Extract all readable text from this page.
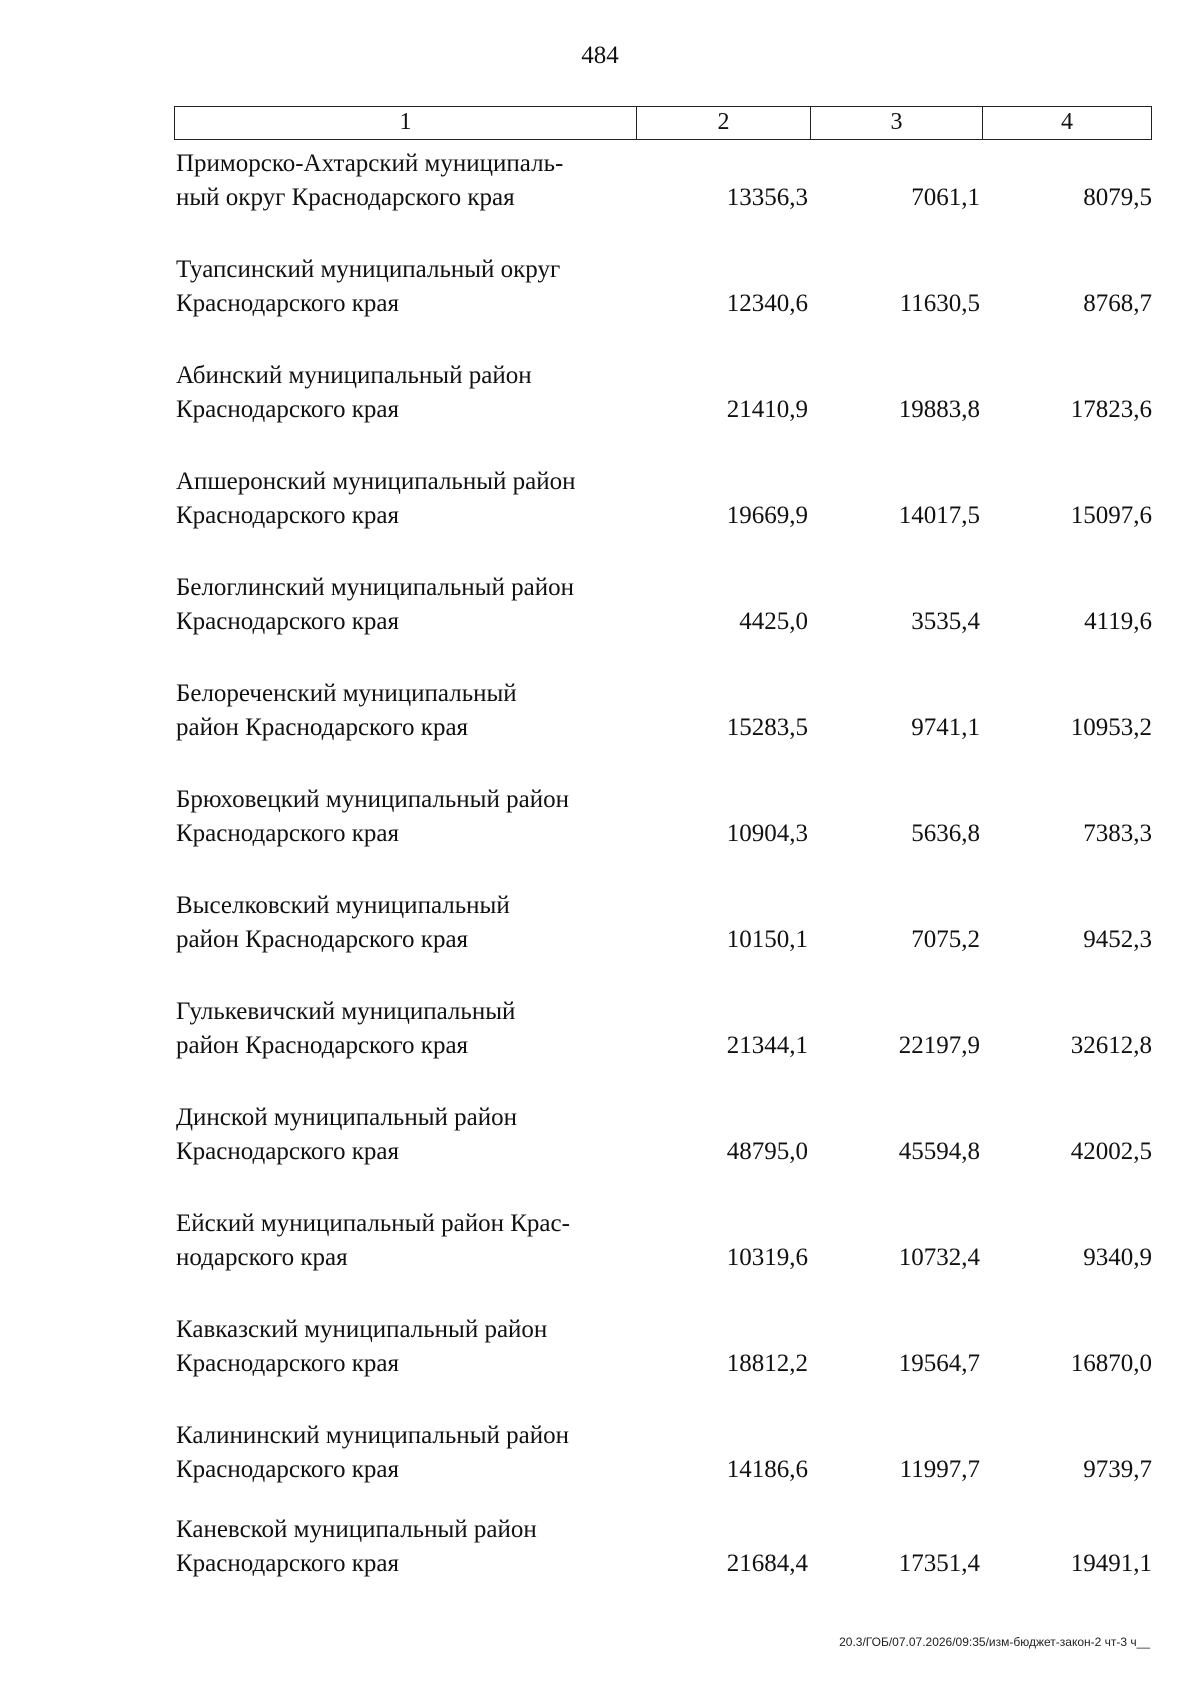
484
1	2	3	4
Приморско-Ахтарский муниципаль-
ный округ Краснодарского края	13356,3	7061,1	8079,5
Туапсинский муниципальный округ
Краснодарского края	12340,6	11630,5	8768,7
Абинский муниципальный район
Краснодарского края	21410,9	19883,8	17823,6
Апшеронский муниципальный район
Краснодарского края	19669,9	14017,5	15097,6
Белоглинский муниципальный район
Краснодарского края	4425,0	3535,4	4119,6
Белореченский муниципальный
район Краснодарского края	15283,5	9741,1	10953,2
Брюховецкий муниципальный район
Краснодарского края	10904,3	5636,8	7383,3
Выселковский муниципальный
район Краснодарского края	10150,1	7075,2	9452,3
Гулькевичский муниципальный
район Краснодарского края	21344,1	22197,9	32612,8
Динской муниципальный район
Краснодарского края	48795,0	45594,8	42002,5
Ейский муниципальный район Крас-
нодарского края	10319,6	10732,4	9340,9
Кавказский муниципальный район
Краснодарского края	18812,2	19564,7	16870,0
Калининский муниципальный район
Краснодарского края	14186,6	11997,7	9739,7
Каневской муниципальный район
Краснодарского края	21684,4	17351,4	19491,1
20.3/ГОБ/07.07.2026/09:35/изм-бюджет-закон-2 чт-3 ч__
